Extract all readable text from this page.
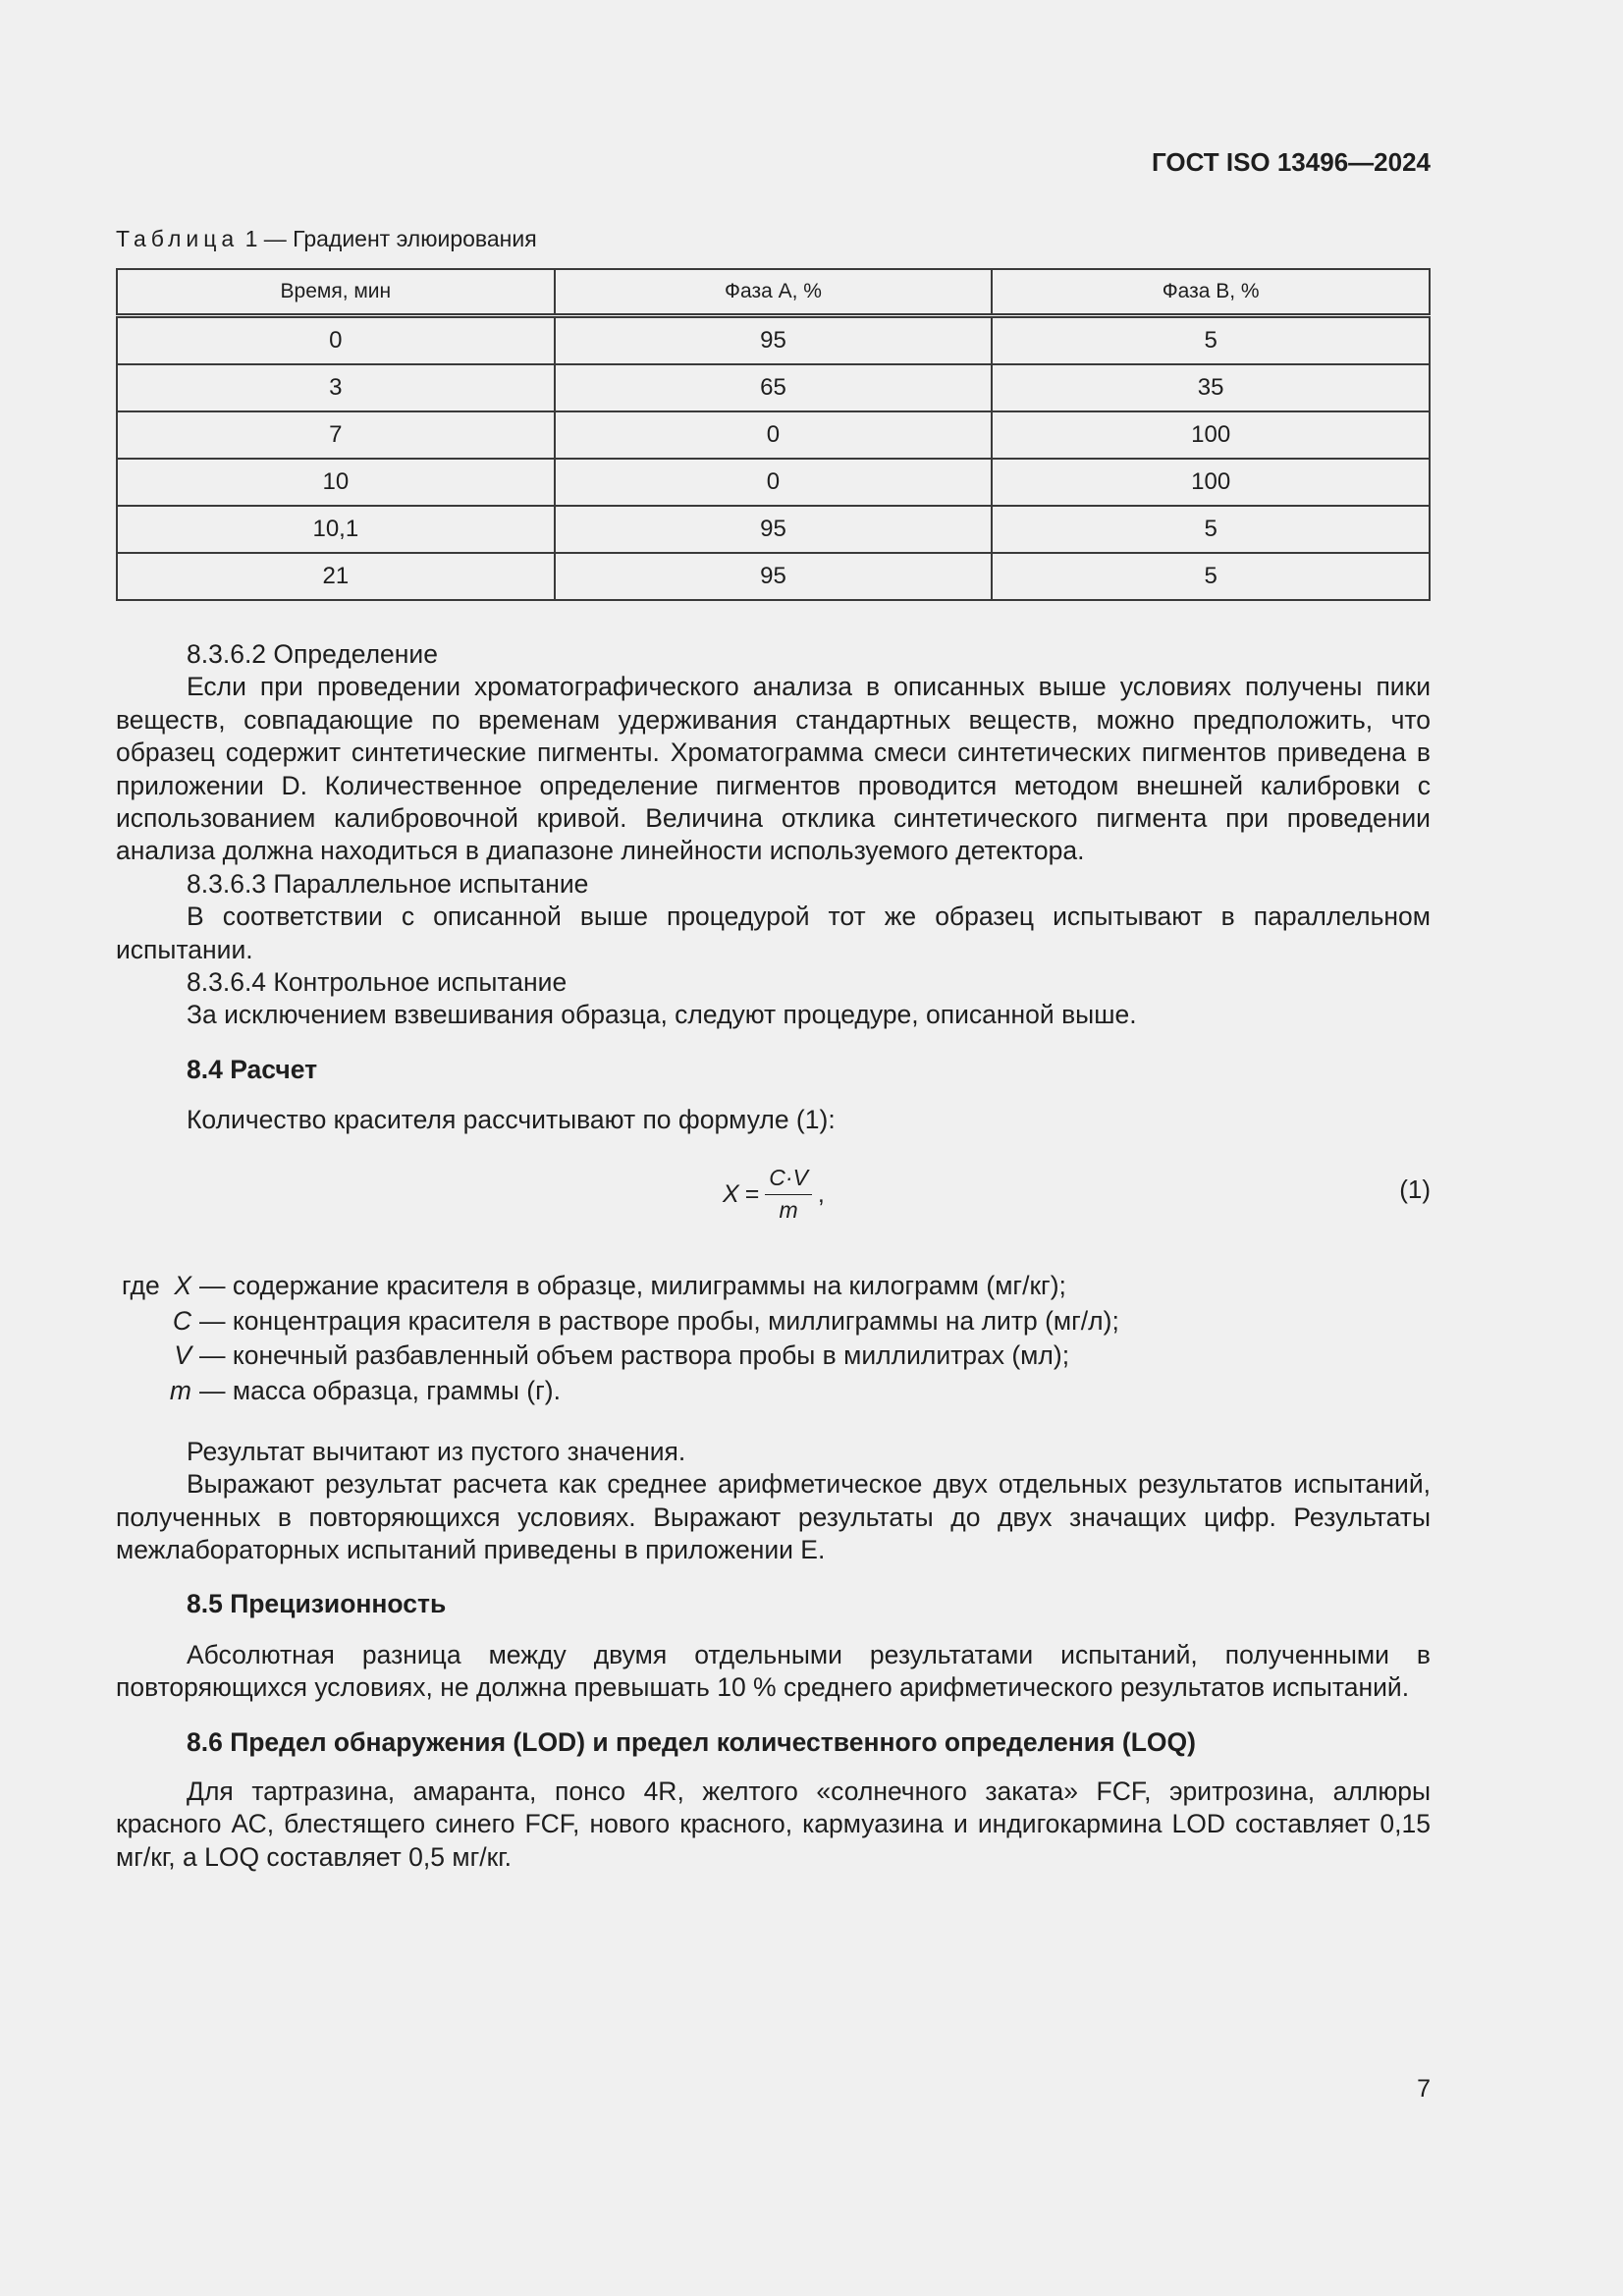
ГОСТ ISO 13496—2024
Таблица 1 — Градиент элюирования
Время, мин	Фаза А, %	Фаза В, %
0	95	5
3	65	35
7	0	100
10	0	100
10,1	95	5
21	95	5

8.3.6.2 Определение

Если при проведении хроматографического анализа в описанных выше условиях получены пики веществ, совпадающие по временам удерживания стандартных веществ, можно предположить, что образец содержит синтетические пигменты. Хроматограмма смеси синтетических пигментов приведена в приложении D. Количественное определение пигментов проводится методом внешней калибровки с использованием калибровочной кривой. Величина отклика синтетического пигмента при проведении анализа должна находиться в диапазоне линейности используемого детектора.

8.3.6.3 Параллельное испытание

В соответствии с описанной выше процедурой тот же образец испытывают в параллельном испытании.

8.3.6.4 Контрольное испытание

За исключением взвешивания образца, следуют процедуре, описанной выше.

8.4 Расчет

Количество красителя рассчитывают по формуле (1):

$X = \frac{C\cdot V}{m}$ ,	(1)
где X — содержание красителя в образце, милиграммы на килограмм (мг/кг);
C — концентрация красителя в растворе пробы, миллиграммы на литр (мг/л);
V — конечный разбавленный объем раствора пробы в миллилитрах (мл);
m — масса образца, граммы (г).

Результат вычитают из пустого значения.

Выражают результат расчета как среднее арифметическое двух отдельных результатов испытаний, полученных в повторяющихся условиях. Выражают результаты до двух значащих цифр. Результаты межлабораторных испытаний приведены в приложении Е.

8.5 Прецизионность

Абсолютная разница между двумя отдельными результатами испытаний, полученными в повторяющихся условиях, не должна превышать 10 % среднего арифметического результатов испытаний.

8.6 Предел обнаружения (LOD) и предел количественного определения (LOQ)

Для тартразина, амаранта, понсо 4R, желтого «солнечного заката» FCF, эритрозина, аллюры красного АС, блестящего синего FCF, нового красного, кармуазина и индигокармина LOD составляет 0,15 мг/кг, а LOQ составляет 0,5 мг/кг.

7
